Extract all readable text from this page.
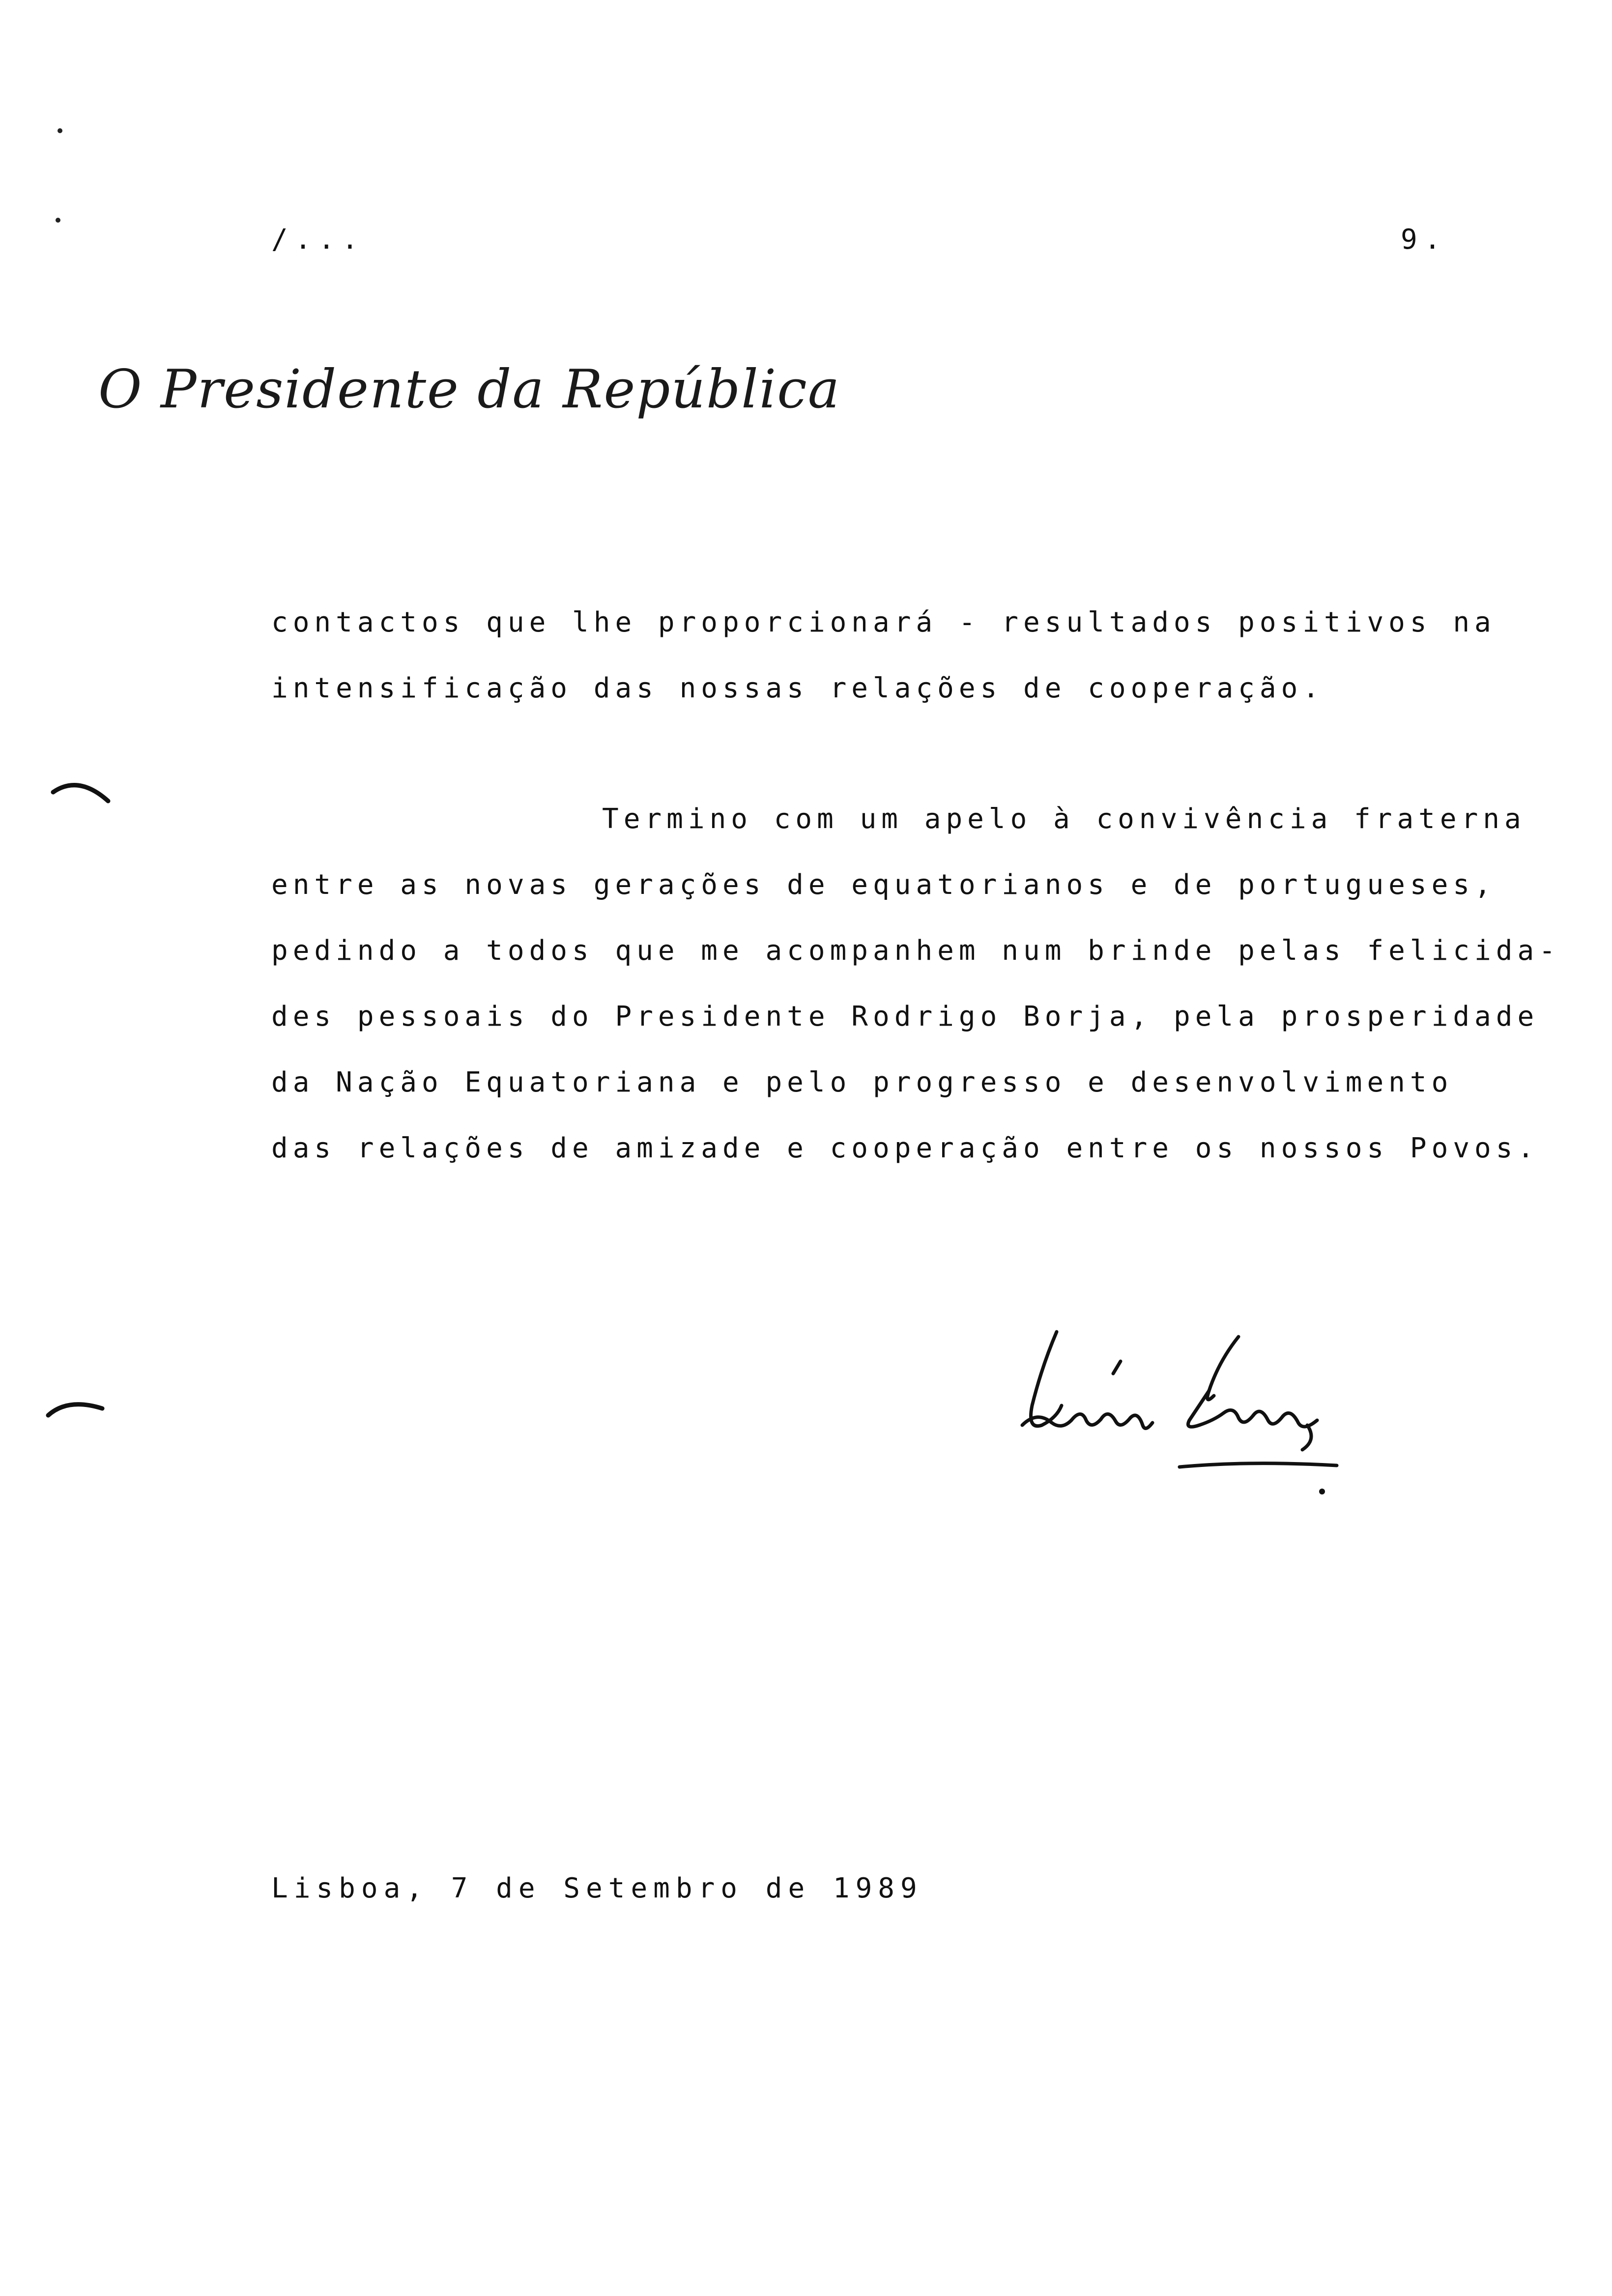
/...	9.
O Presidente da República
contactos que lhe proporcionará - resultados positivos na
intensificação das nossas relações de cooperação.
Termino com um apelo à convivência fraterna
entre as novas gerações de equatorianos e de portugueses,
pedindo a todos que me acompanhem num brinde pelas felicida-
des pessoais do Presidente Rodrigo Borja, pela prosperidade
da Nação Equatoriana e pelo progresso e desenvolvimento
das relações de amizade e cooperação entre os nossos Povos.
Lisboa, 7 de Setembro de 1989
